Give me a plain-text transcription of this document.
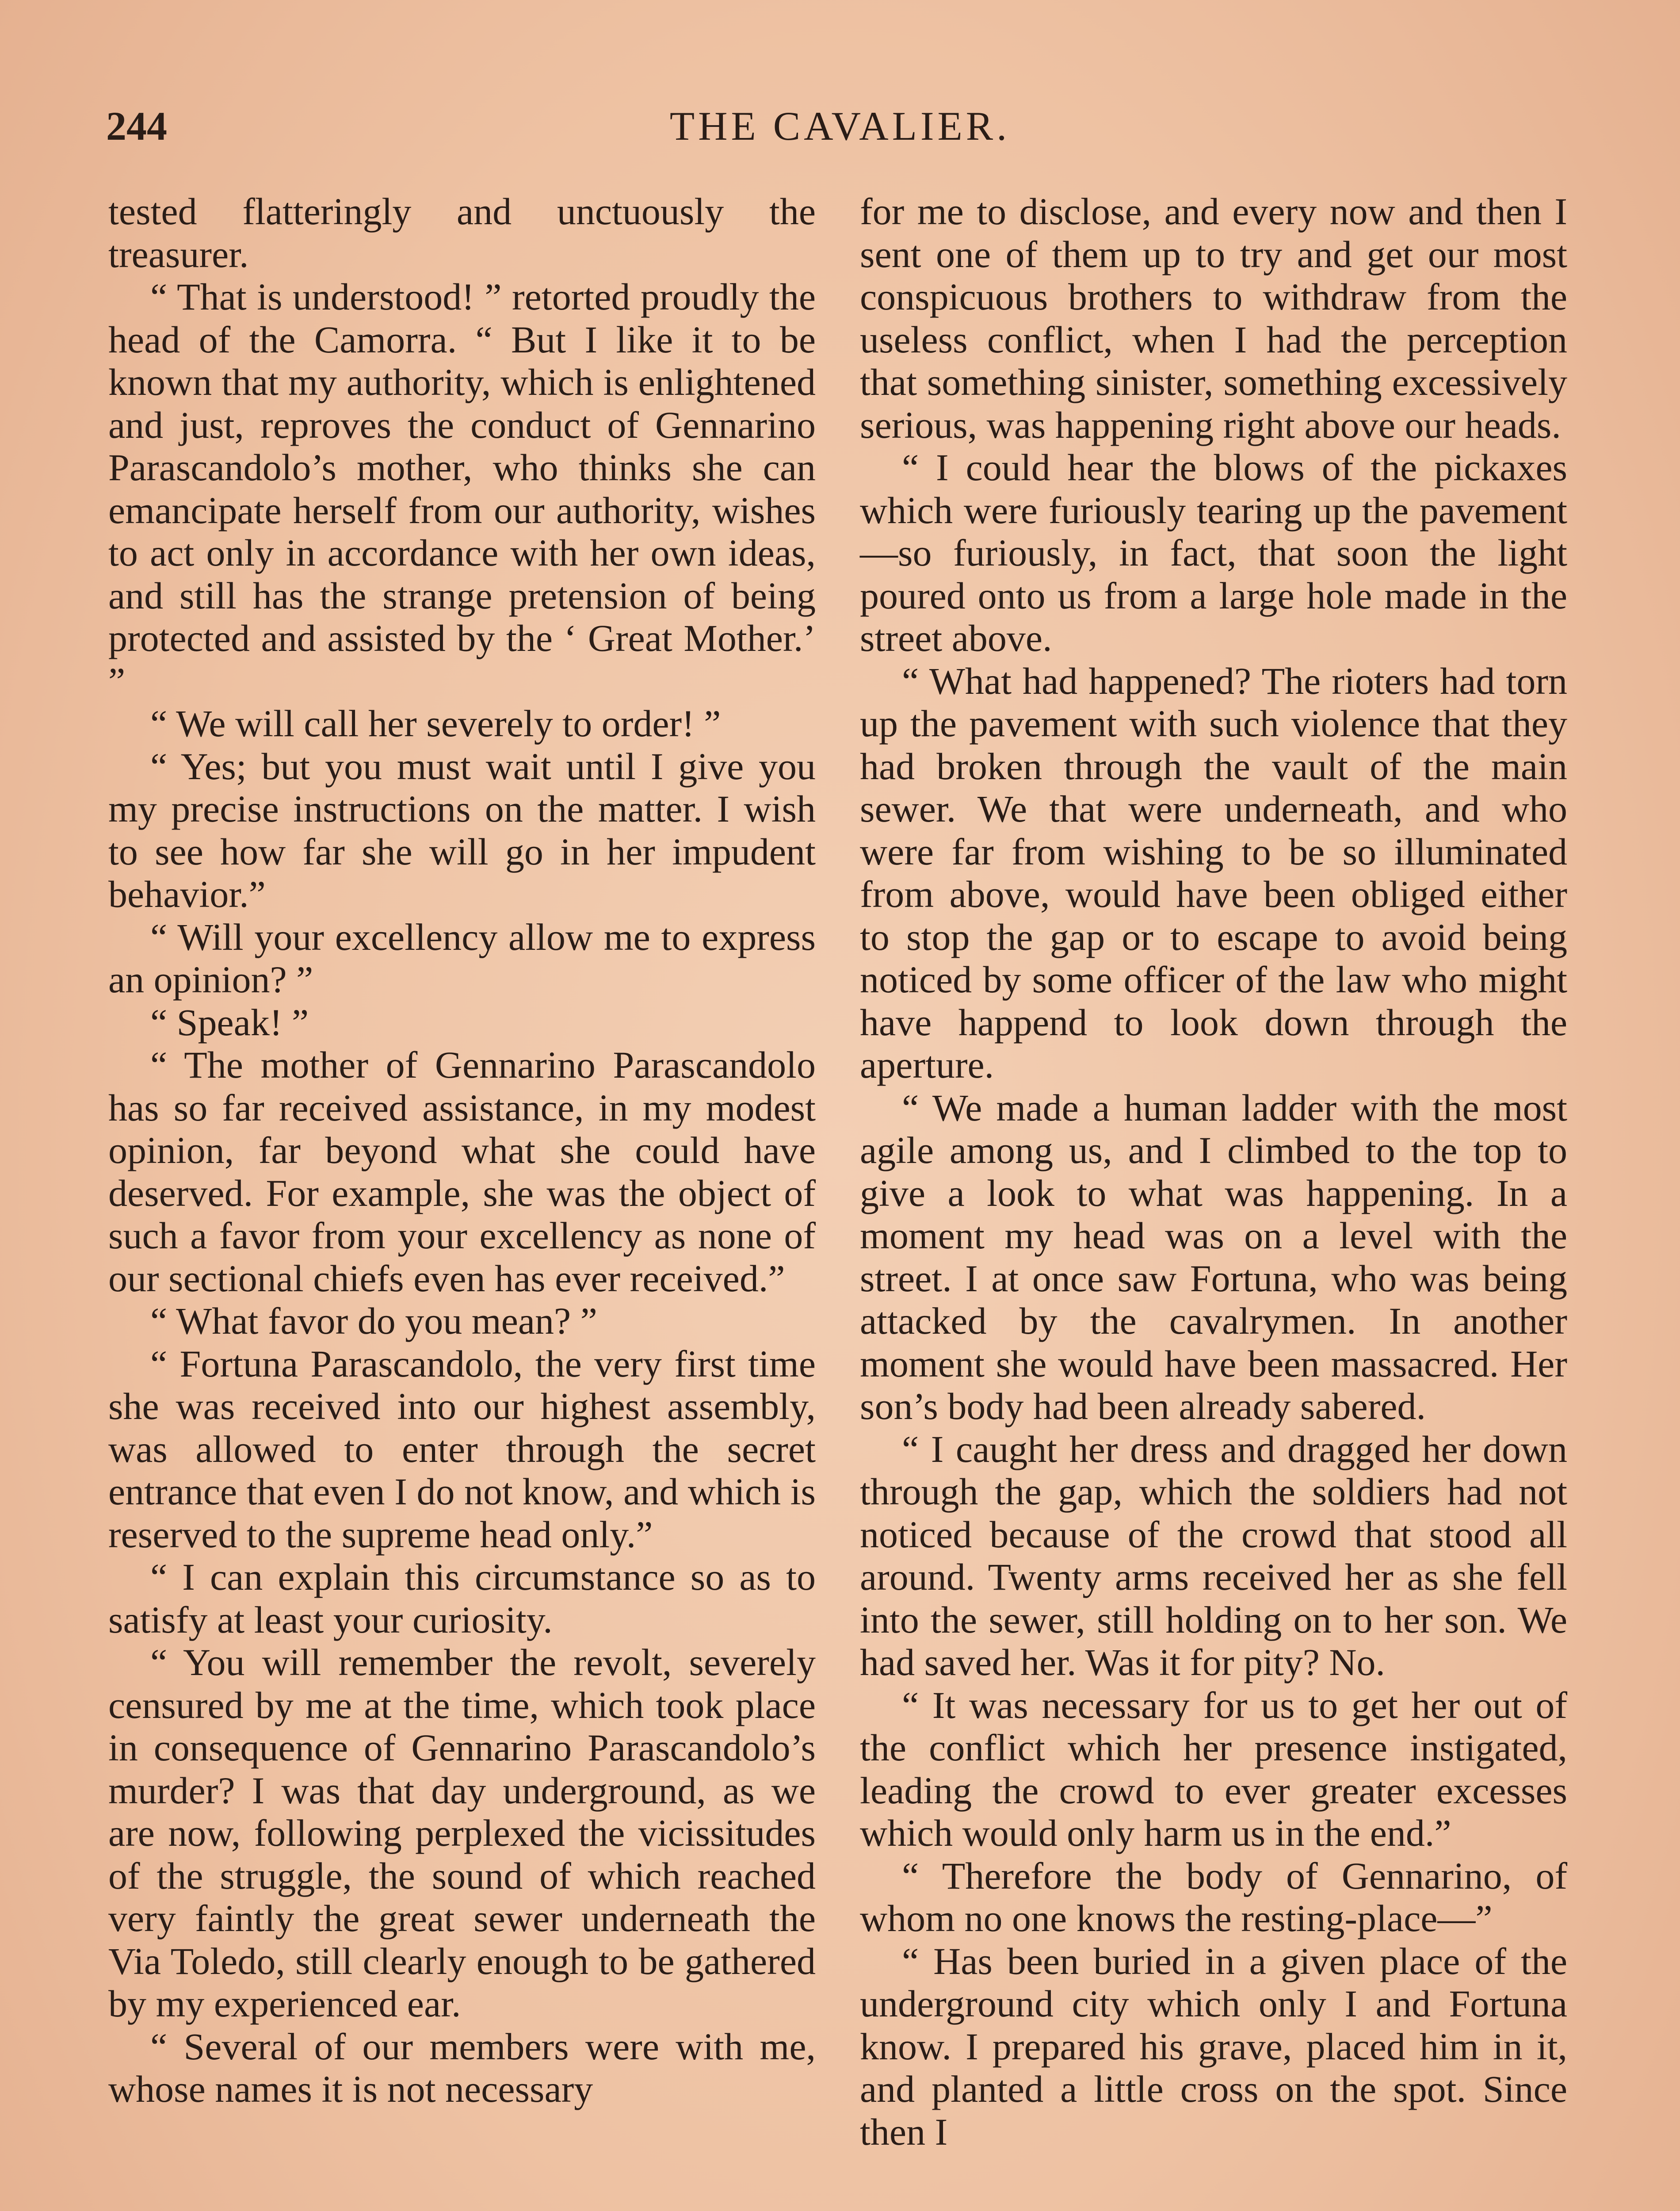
244	THE CAVALIER.

tested flatteringly and unctuously the treasurer.

“ That is understood! ” retorted proudly the head of the Camorra. “ But I like it to be known that my authority, which is enlightened and just, reproves the conduct of Gennarino Parascandolo’s mother, who thinks she can emancipate herself from our authority, wishes to act only in accordance with her own ideas, and still has the strange pretension of being protected and assisted by the ‘ Great Mother.’ ”

“ We will call her severely to order! ”

“ Yes; but you must wait until I give you my precise instructions on the matter. I wish to see how far she will go in her impudent behavior.”

“ Will your excellency allow me to express an opinion? ”

“ Speak! ”

“ The mother of Gennarino Parascandolo has so far received assistance, in my modest opinion, far beyond what she could have deserved. For example, she was the object of such a favor from your excellency as none of our sectional chiefs even has ever received.”

“ What favor do you mean? ”

“ Fortuna Parascandolo, the very first time she was received into our highest assembly, was allowed to enter through the secret entrance that even I do not know, and which is reserved to the supreme head only.”

“ I can explain this circumstance so as to satisfy at least your curiosity.

“ You will remember the revolt, severely censured by me at the time, which took place in consequence of Gennarino Parascandolo’s murder? I was that day underground, as we are now, following perplexed the vicissitudes of the struggle, the sound of which reached very faintly the great sewer underneath the Via Toledo, still clearly enough to be gathered by my experienced ear.

“ Several of our members were with me, whose names it is not necessary

for me to disclose, and every now and then I sent one of them up to try and get our most conspicuous brothers to withdraw from the useless conflict, when I had the perception that something sinister, something excessively serious, was happening right above our heads.

“ I could hear the blows of the pickaxes which were furiously tearing up the pavement—so furiously, in fact, that soon the light poured onto us from a large hole made in the street above.

“ What had happened? The rioters had torn up the pavement with such violence that they had broken through the vault of the main sewer. We that were underneath, and who were far from wishing to be so illuminated from above, would have been obliged either to stop the gap or to escape to avoid being noticed by some officer of the law who might have happend to look down through the aperture.

“ We made a human ladder with the most agile among us, and I climbed to the top to give a look to what was happening. In a moment my head was on a level with the street. I at once saw Fortuna, who was being attacked by the cavalrymen. In another moment she would have been massacred. Her son’s body had been already sabered.

“ I caught her dress and dragged her down through the gap, which the soldiers had not noticed because of the crowd that stood all around. Twenty arms received her as she fell into the sewer, still holding on to her son. We had saved her. Was it for pity? No.

“ It was necessary for us to get her out of the conflict which her presence instigated, leading the crowd to ever greater excesses which would only harm us in the end.”

“ Therefore the body of Gennarino, of whom no one knows the resting-place—”

“ Has been buried in a given place of the underground city which only I and Fortuna know. I prepared his grave, placed him in it, and planted a little cross on the spot. Since then I
